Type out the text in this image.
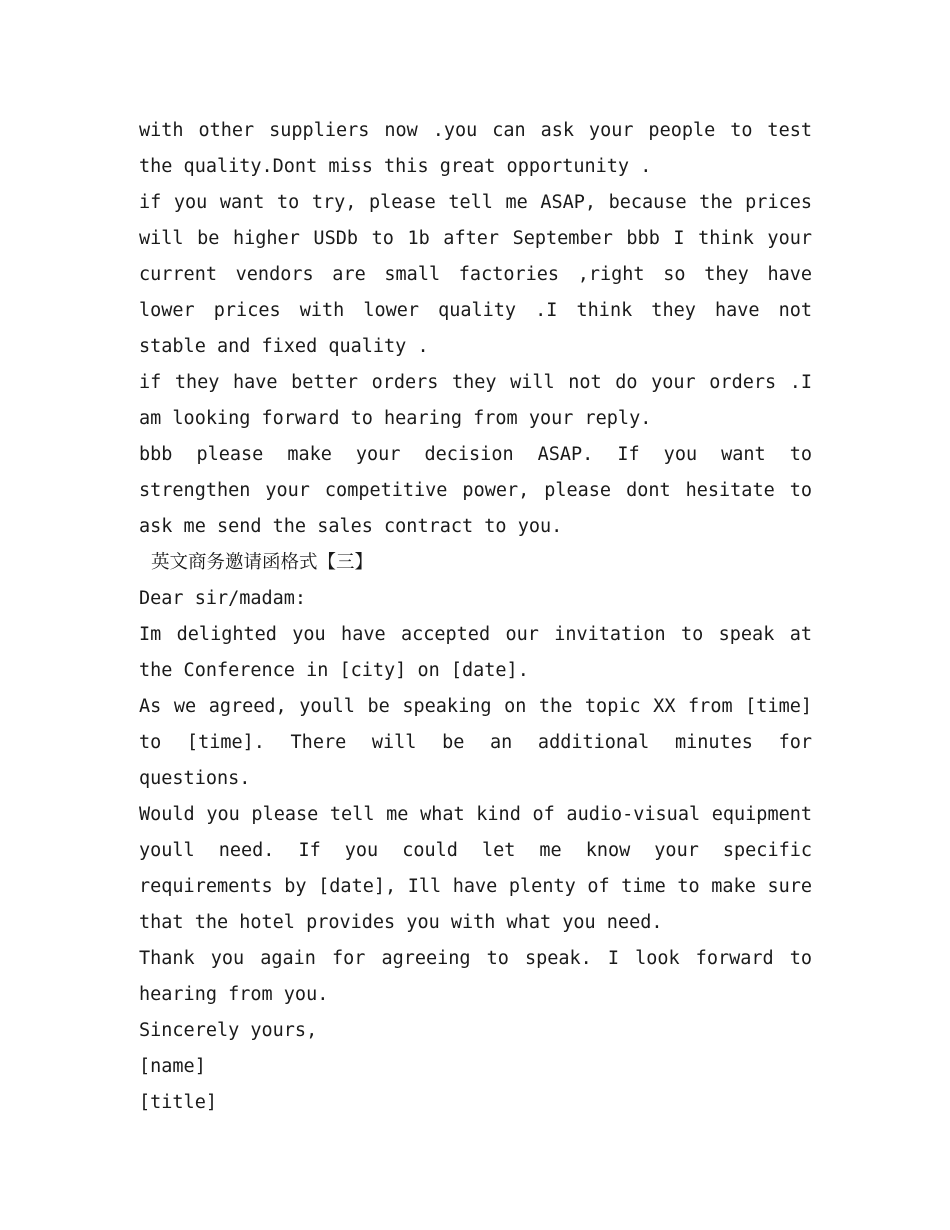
with other suppliers now .you can ask your people to test the quality.Dont miss this great opportunity .

if you want to try, please tell me ASAP, because the prices will be higher USDb to 1b after September bbb I think your current vendors are small factories ,right so they have lower prices with lower quality .I think they have not stable and fixed quality .

if they have better orders they will not do your orders .I am looking forward to hearing from your reply.

bbb please make your decision ASAP. If you want to strengthen your competitive power, please dont hesitate to ask me send the sales contract to you.

英文商务邀请函格式【三】

Dear sir/madam:

Im delighted you have accepted our invitation to speak at the Conference in [city] on [date].

As we agreed, youll be speaking on the topic XX from [time] to [time]. There will be an additional minutes for questions.

Would you please tell me what kind of audio-visual equipment youll need. If you could let me know your specific requirements by [date], Ill have plenty of time to make sure that the hotel provides you with what you need.

Thank you again for agreeing to speak. I look forward to hearing from you.

Sincerely yours,

[name]

[title]
